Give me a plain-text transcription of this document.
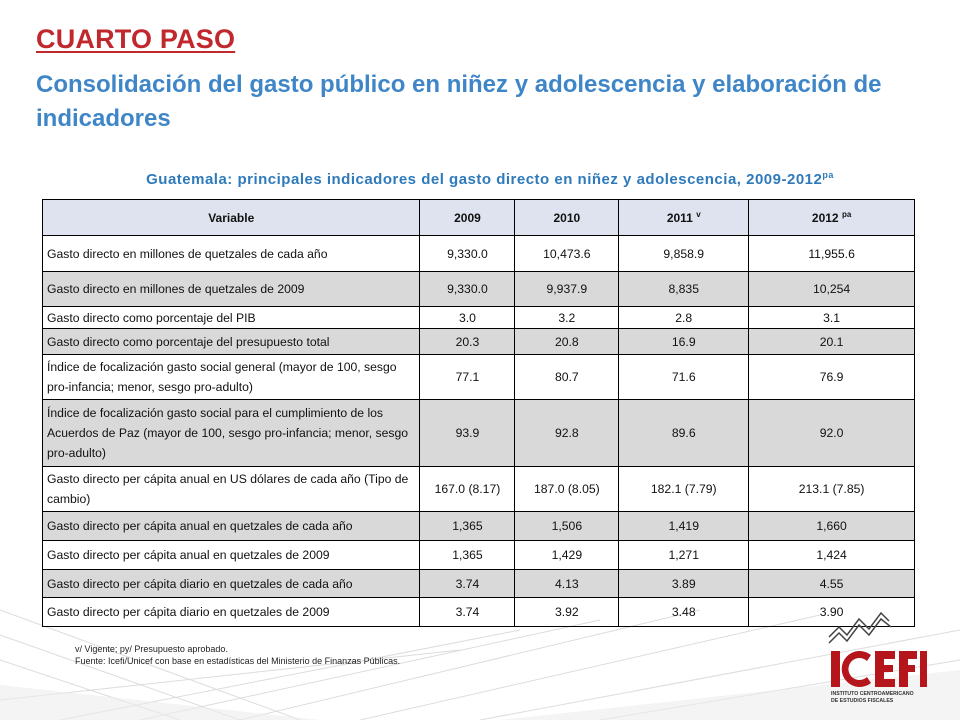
CUARTO PASO
Consolidación del gasto público en niñez y adolescencia y elaboración de indicadores
Guatemala: principales indicadores del gasto directo en niñez y adolescencia, $2009-2012^{pa}$
Variable	2009	2010	2011 $^v$	2012 $^{pa}$
Gasto directo en millones de quetzales de cada año	9,330.0	10,473.6	9,858.9	11,955.6
Gasto directo en millones de quetzales de 2009	9,330.0	9,937.9	8,835	10,254
Gasto directo como porcentaje del PIB	3.0	3.2	2.8	3.1
Gasto directo como porcentaje del presupuesto total	20.3	20.8	16.9	20.1
Índice de focalización gasto social general (mayor de 100, sesgo pro-infancia; menor, sesgo pro-adulto)	77.1	80.7	71.6	76.9
Índice de focalización gasto social para el cumplimiento de los Acuerdos de Paz (mayor de 100, sesgo pro-infancia; menor, sesgo pro-adulto)	93.9	92.8	89.6	92.0
Gasto directo per cápita anual en US dólares de cada año (Tipo de cambio)	167.0 (8.17)	187.0 (8.05)	182.1 (7.79)	213.1 (7.85)
Gasto directo per cápita anual en quetzales de cada año	1,365	1,506	1,419	1,660
Gasto directo per cápita anual en quetzales de 2009	1,365	1,429	1,271	1,424
Gasto directo per cápita diario en quetzales de cada año	3.74	4.13	3.89	4.55
Gasto directo per cápita diario en quetzales de 2009	3.74	3.92	3.48	3.90
v/ Vigente; py/ Presupuesto aprobado.
Fuente: Icefi/Unicef con base en estadísticas del Ministerio de Finanzas Públicas.
ICEFI
INSTITUTO CENTROAMERICANO
DE ESTUDIOS FISCALES
